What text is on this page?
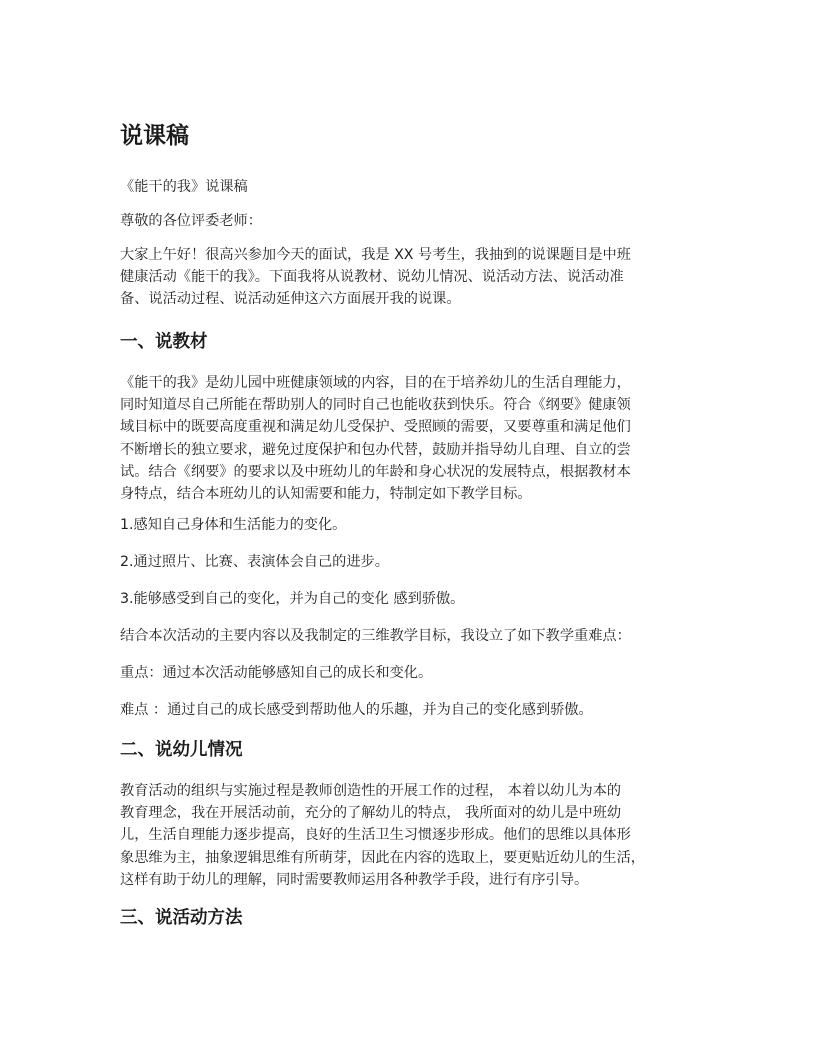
说课稿

《能干的我》说课稿

尊敬的各位评委老师：

大家上午好！很高兴参加今天的面试，我是 XX 号考生，我抽到的说课题目是中班
健康活动《能干的我》。下面我将从说教材、说幼儿情况、说活动方法、说活动准
备、说活动过程、说活动延伸这六方面展开我的说课。

一、说教材

《能干的我》是幼儿园中班健康领域的内容，目的在于培养幼儿的生活自理能力，
同时知道尽自己所能在帮助别人的同时自己也能收获到快乐。符合《纲要》健康领
域目标中的既要高度重视和满足幼儿受保护、受照顾的需要，又要尊重和满足他们
不断增长的独立要求，避免过度保护和包办代替，鼓励并指导幼儿自理、自立的尝
试。结合《纲要》的要求以及中班幼儿的年龄和身心状况的发展特点，根据教材本
身特点，结合本班幼儿的认知需要和能力，特制定如下教学目标。

1.感知自己身体和生活能力的变化。

2.通过照片、比赛、表演体会自己的进步。

3.能够感受到自己的变化，并为自己的变化 感到骄傲。

结合本次活动的主要内容以及我制定的三维教学目标，我设立了如下教学重难点：

重点：通过本次活动能够感知自己的成长和变化。

难点 ：通过自己的成长感受到帮助他人的乐趣，并为自己的变化感到骄傲。

二、说幼儿情况

教育活动的组织与实施过程是教师创造性的开展工作的过程， 本着以幼儿为本的
教育理念，我在开展活动前，充分的了解幼儿的特点， 我所面对的幼儿是中班幼
儿，生活自理能力逐步提高，良好的生活卫生习惯逐步形成。他们的思维以具体形
象思维为主，抽象逻辑思维有所萌芽，因此在内容的选取上，要更贴近幼儿的生活，
这样有助于幼儿的理解，同时需要教师运用各种教学手段，进行有序引导。

三、说活动方法
